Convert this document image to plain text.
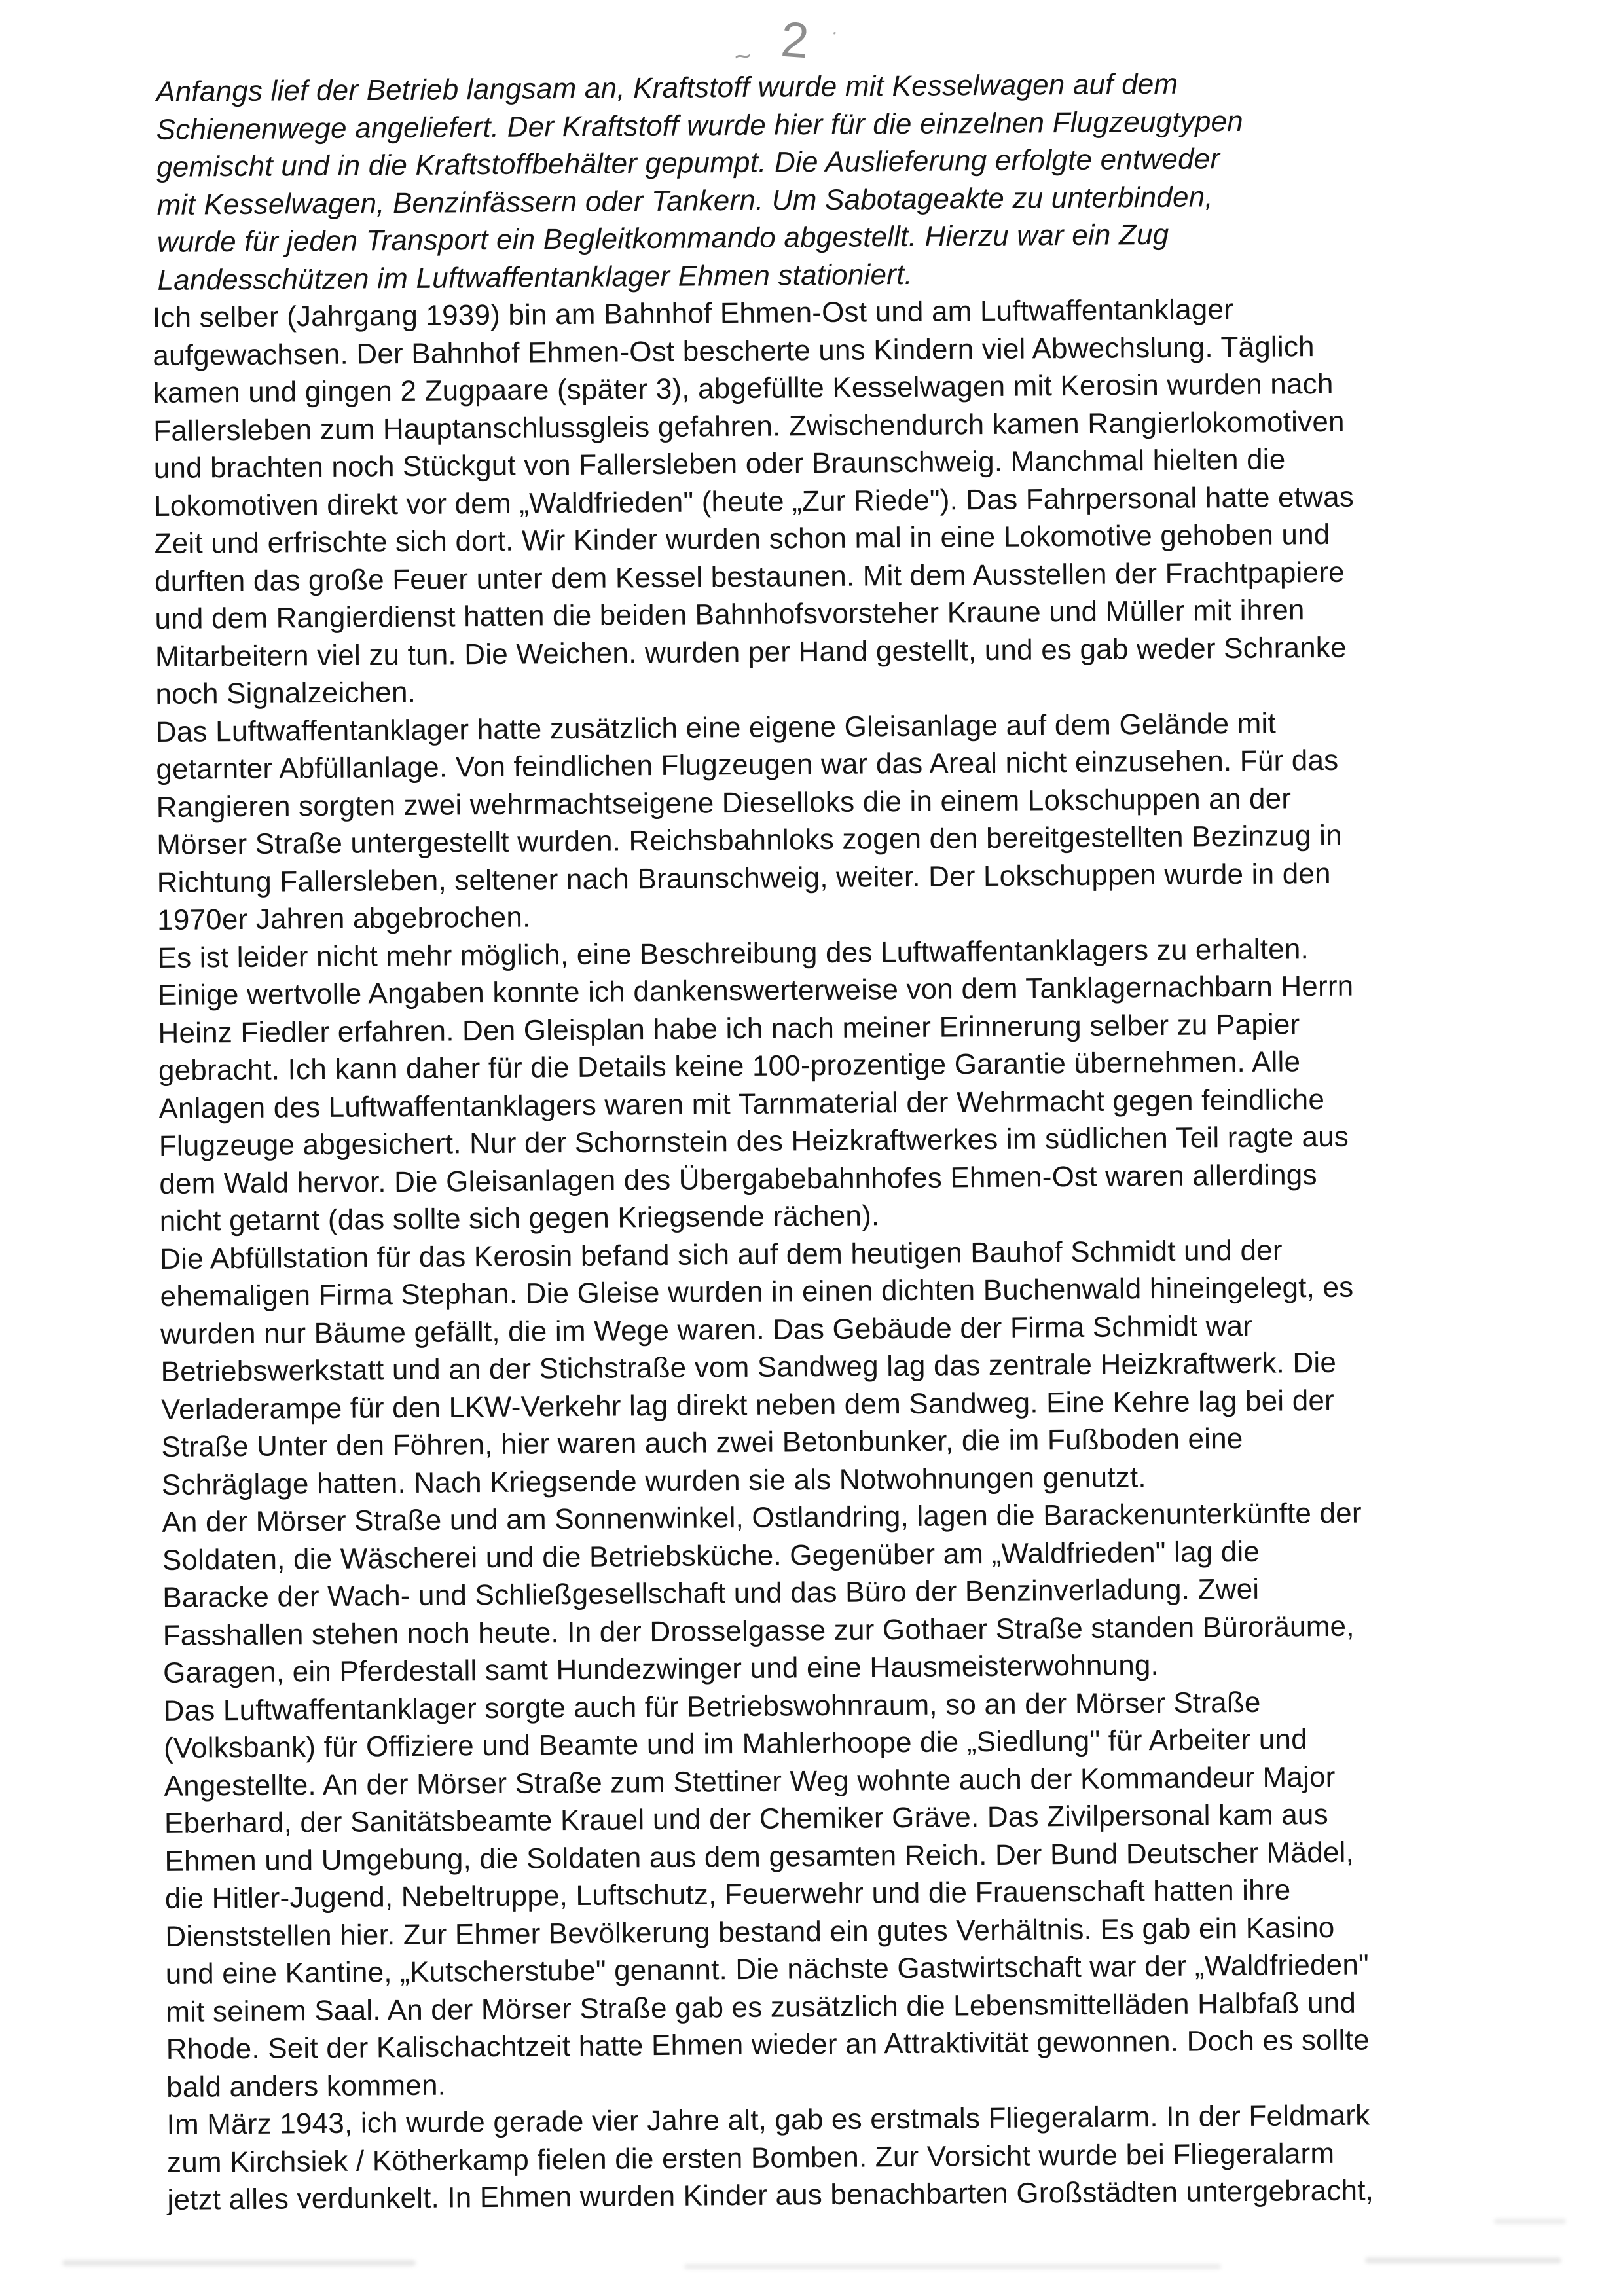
~ 2 ·

Anfangs lief der Betrieb langsam an, Kraftstoff wurde mit Kesselwagen auf dem
Schienenwege angeliefert. Der Kraftstoff wurde hier für die einzelnen Flugzeugtypen
gemischt und in die Kraftstoffbehälter gepumpt. Die Auslieferung erfolgte entweder
mit Kesselwagen, Benzinfässern oder Tankern. Um Sabotageakte zu unterbinden,
wurde für jeden Transport ein Begleitkommando abgestellt. Hierzu war ein Zug
Landesschützen im Luftwaffentanklager Ehmen stationiert.

Ich selber (Jahrgang 1939) bin am Bahnhof Ehmen-Ost und am Luftwaffentanklager
aufgewachsen. Der Bahnhof Ehmen-Ost bescherte uns Kindern viel Abwechslung. Täglich
kamen und gingen 2 Zugpaare (später 3), abgefüllte Kesselwagen mit Kerosin wurden nach
Fallersleben zum Hauptanschlussgleis gefahren. Zwischendurch kamen Rangierlokomotiven
und brachten noch Stückgut von Fallersleben oder Braunschweig. Manchmal hielten die
Lokomotiven direkt vor dem „Waldfrieden" (heute „Zur Riede"). Das Fahrpersonal hatte etwas
Zeit und erfrischte sich dort. Wir Kinder wurden schon mal in eine Lokomotive gehoben und
durften das große Feuer unter dem Kessel bestaunen. Mit dem Ausstellen der Frachtpapiere
und dem Rangierdienst hatten die beiden Bahnhofsvorsteher Kraune und Müller mit ihren
Mitarbeitern viel zu tun. Die Weichen. wurden per Hand gestellt, und es gab weder Schranke
noch Signalzeichen.

Das Luftwaffentanklager hatte zusätzlich eine eigene Gleisanlage auf dem Gelände mit
getarnter Abfüllanlage. Von feindlichen Flugzeugen war das Areal nicht einzusehen. Für das
Rangieren sorgten zwei wehrmachtseigene Dieselloks die in einem Lokschuppen an der
Mörser Straße untergestellt wurden. Reichsbahnloks zogen den bereitgestellten Bezinzug in
Richtung Fallersleben, seltener nach Braunschweig, weiter. Der Lokschuppen wurde in den
1970er Jahren abgebrochen.

Es ist leider nicht mehr möglich, eine Beschreibung des Luftwaffentanklagers zu erhalten.
Einige wertvolle Angaben konnte ich dankenswerterweise von dem Tanklagernachbarn Herrn
Heinz Fiedler erfahren. Den Gleisplan habe ich nach meiner Erinnerung selber zu Papier
gebracht. Ich kann daher für die Details keine 100-prozentige Garantie übernehmen. Alle
Anlagen des Luftwaffentanklagers waren mit Tarnmaterial der Wehrmacht gegen feindliche
Flugzeuge abgesichert. Nur der Schornstein des Heizkraftwerkes im südlichen Teil ragte aus
dem Wald hervor. Die Gleisanlagen des Übergabebahnhofes Ehmen-Ost waren allerdings
nicht getarnt (das sollte sich gegen Kriegsende rächen).

Die Abfüllstation für das Kerosin befand sich auf dem heutigen Bauhof Schmidt und der
ehemaligen Firma Stephan. Die Gleise wurden in einen dichten Buchenwald hineingelegt, es
wurden nur Bäume gefällt, die im Wege waren. Das Gebäude der Firma Schmidt war
Betriebswerkstatt und an der Stichstraße vom Sandweg lag das zentrale Heizkraftwerk. Die
Verladerampe für den LKW-Verkehr lag direkt neben dem Sandweg. Eine Kehre lag bei der
Straße Unter den Föhren, hier waren auch zwei Betonbunker, die im Fußboden eine
Schräglage hatten. Nach Kriegsende wurden sie als Notwohnungen genutzt.

An der Mörser Straße und am Sonnenwinkel, Ostlandring, lagen die Barackenunterkünfte der
Soldaten, die Wäscherei und die Betriebsküche. Gegenüber am „Waldfrieden" lag die
Baracke der Wach- und Schließgesellschaft und das Büro der Benzinverladung. Zwei
Fasshallen stehen noch heute. In der Drosselgasse zur Gothaer Straße standen Büroräume,
Garagen, ein Pferdestall samt Hundezwinger und eine Hausmeisterwohnung.

Das Luftwaffentanklager sorgte auch für Betriebswohnraum, so an der Mörser Straße
(Volksbank) für Offiziere und Beamte und im Mahlerhoope die „Siedlung" für Arbeiter und
Angestellte. An der Mörser Straße zum Stettiner Weg wohnte auch der Kommandeur Major
Eberhard, der Sanitätsbeamte Krauel und der Chemiker Gräve. Das Zivilpersonal kam aus
Ehmen und Umgebung, die Soldaten aus dem gesamten Reich. Der Bund Deutscher Mädel,
die Hitler-Jugend, Nebeltruppe, Luftschutz, Feuerwehr und die Frauenschaft hatten ihre
Dienststellen hier. Zur Ehmer Bevölkerung bestand ein gutes Verhältnis. Es gab ein Kasino
und eine Kantine, „Kutscherstube" genannt. Die nächste Gastwirtschaft war der „Waldfrieden"
mit seinem Saal. An der Mörser Straße gab es zusätzlich die Lebensmittelläden Halbfaß und
Rhode. Seit der Kalischachtzeit hatte Ehmen wieder an Attraktivität gewonnen. Doch es sollte
bald anders kommen.

Im März 1943, ich wurde gerade vier Jahre alt, gab es erstmals Fliegeralarm. In der Feldmark
zum Kirchsiek / Kötherkamp fielen die ersten Bomben. Zur Vorsicht wurde bei Fliegeralarm
jetzt alles verdunkelt. In Ehmen wurden Kinder aus benachbarten Großstädten untergebracht,
